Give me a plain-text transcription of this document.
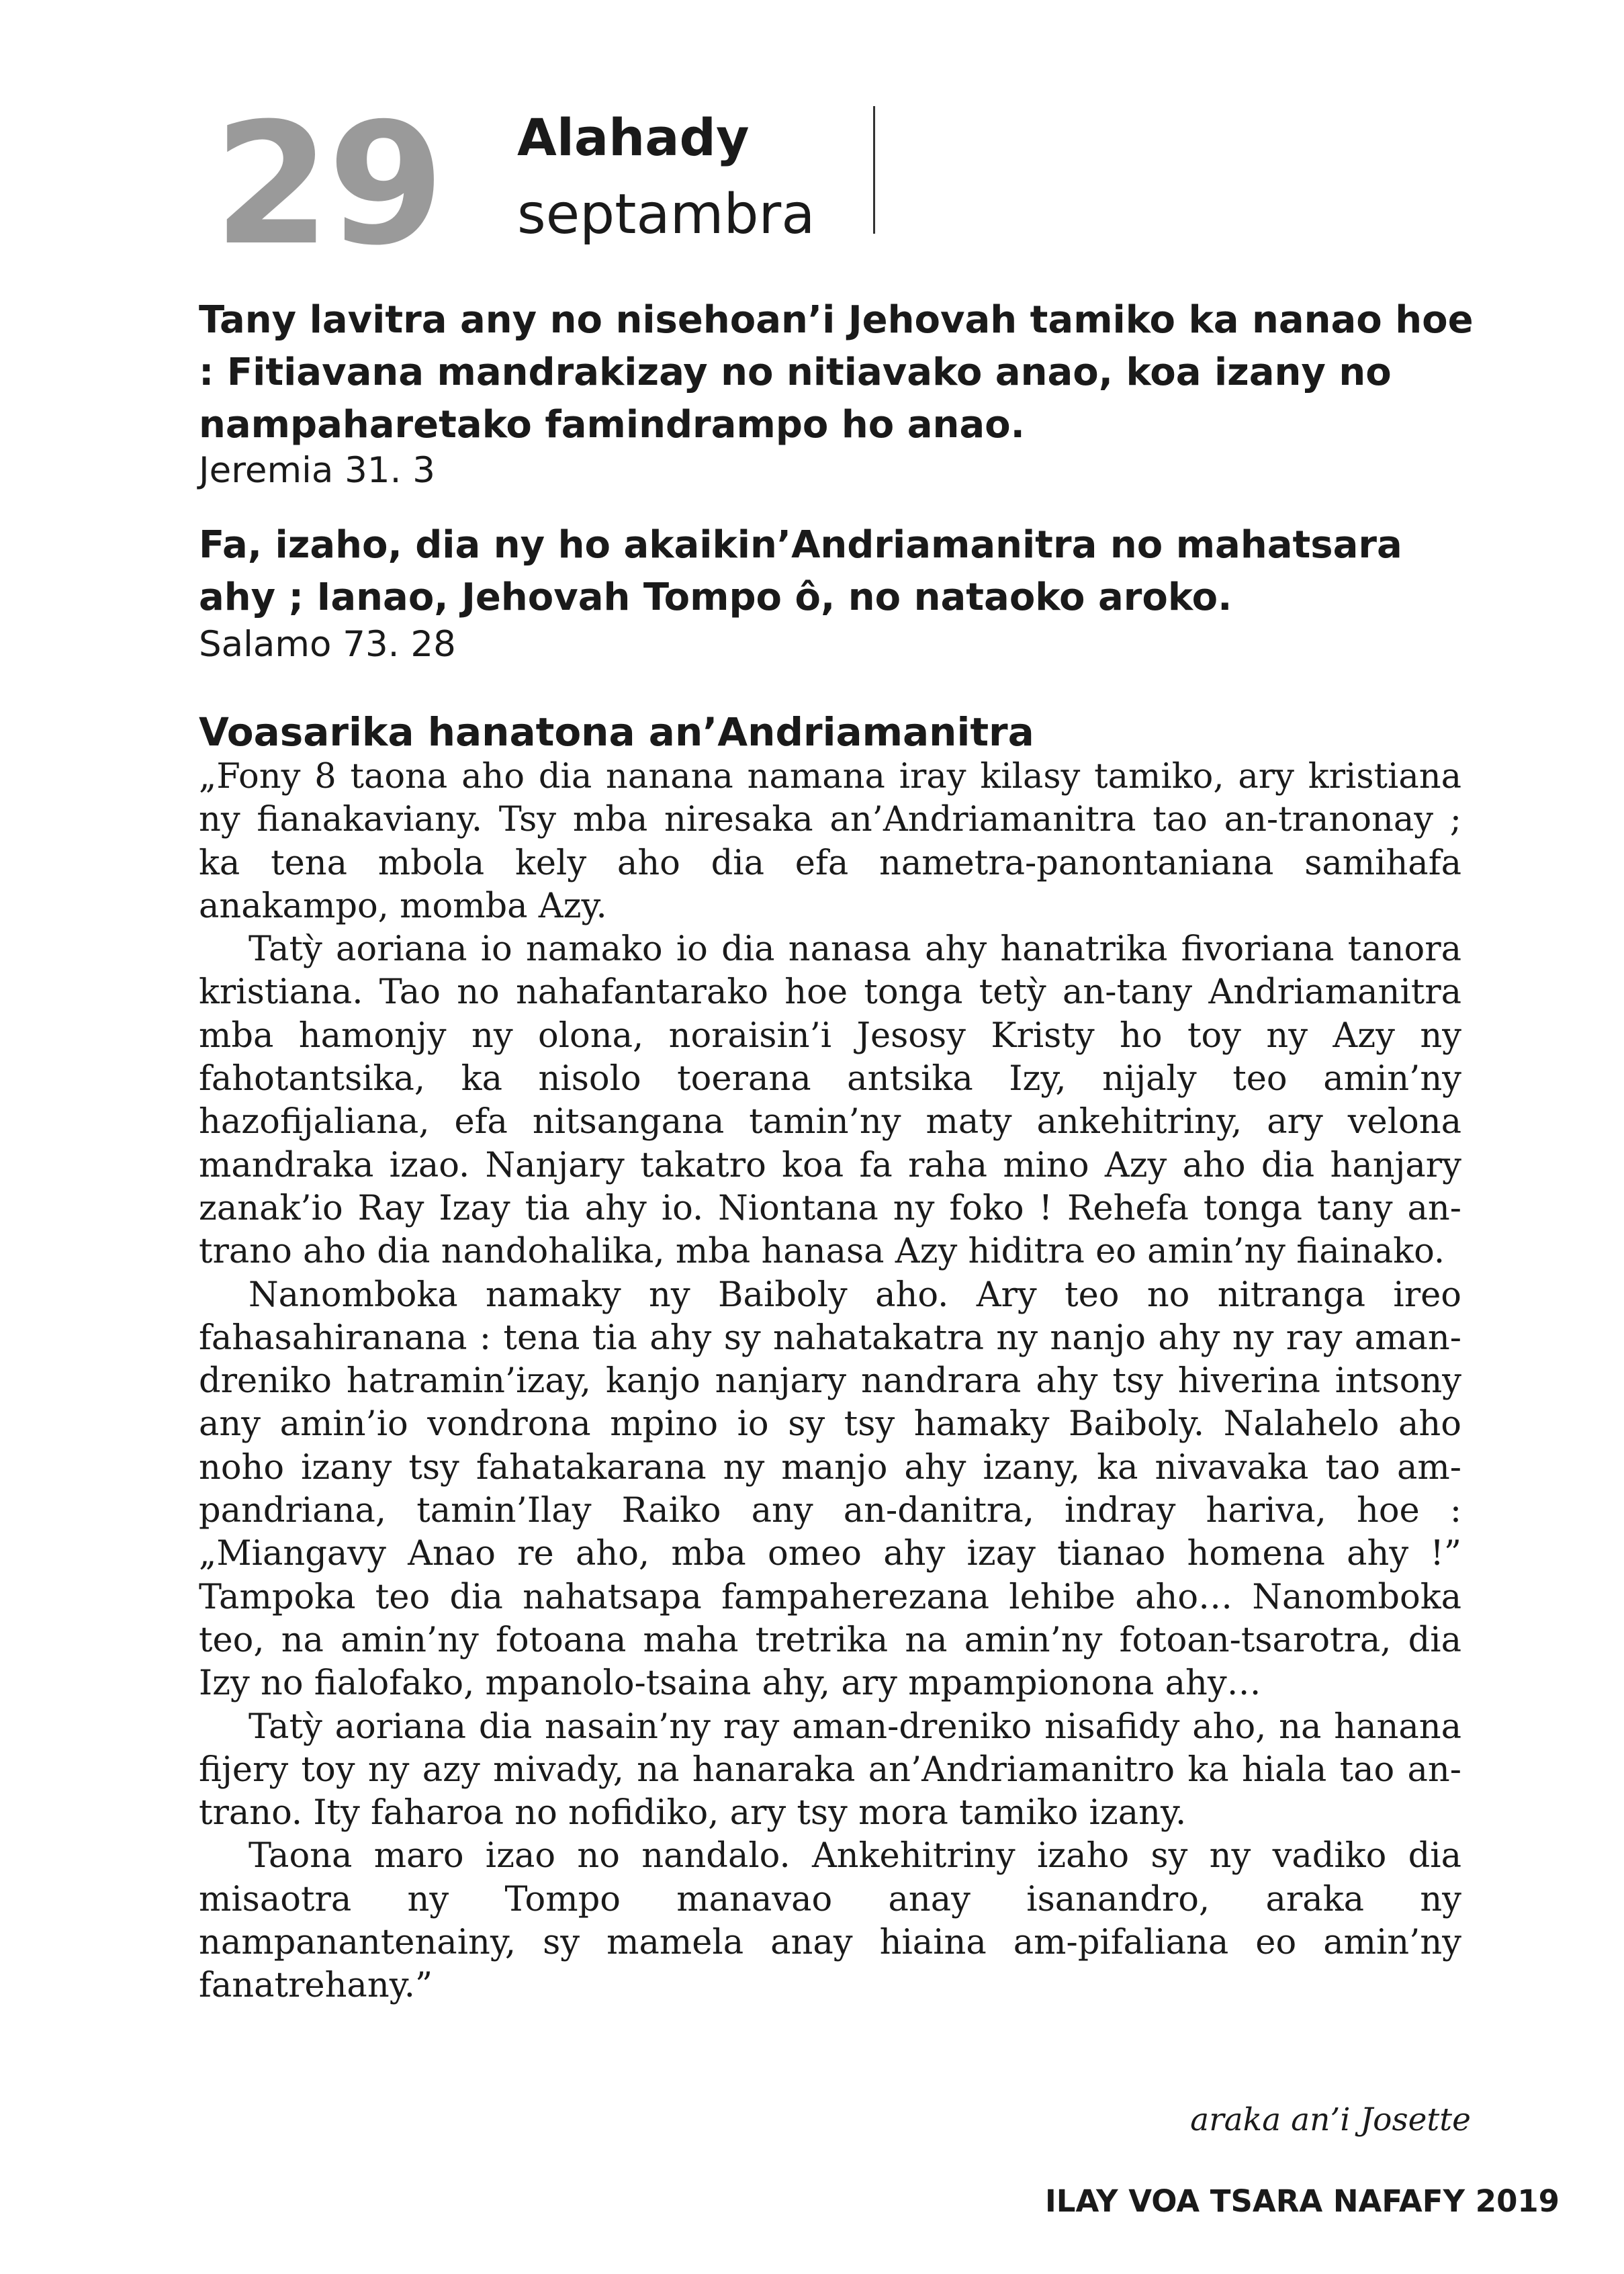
29 Alahady
septambra
Tany lavitra any no nisehoan’i Jehovah tamiko ka nanao hoe : Fitiavana mandrakizay no nitiavako anao, koa izany no nampaharetako famindrampo ho anao.
Jeremia 31. 3
Fa, izaho, dia ny ho akaikin’Andriamanitra no mahatsara ahy ; Ianao, Jehovah Tompo ô, no nataoko aroko.
Salamo 73. 28
Voasarika hanatona an’Andriamanitra

„Fony 8 taona aho dia nanana namana iray kilasy tamiko, ary kristiana ny fianakaviany. Tsy mba niresaka an’Andriamanitra tao an-tranonay ; ka tena mbola kely aho dia efa nametra-panontaniana samihafa anakampo, momba Azy.

Tatỳ aoriana io namako io dia nanasa ahy hanatrika fivoriana tanora kristiana. Tao no nahafantarako hoe tonga tetỳ an-tany Andriamanitra mba hamonjy ny olona, noraisin’i Jesosy Kristy ho toy ny Azy ny fahotantsika, ka nisolo toerana antsika Izy, nijaly teo amin’ny hazofijaliana, efa nitsangana tamin’ny maty ankehitriny, ary velona mandraka izao. Nanjary takatro koa fa raha mino Azy aho dia hanjary zanak’io Ray Izay tia ahy io. Niontana ny foko ! Rehefa tonga tany an-trano aho dia nandohalika, mba hanasa Azy hiditra eo amin’ny fiainako.

Nanomboka namaky ny Baiboly aho. Ary teo no nitranga ireo fahasahiranana : tena tia ahy sy nahatakatra ny nanjo ahy ny ray aman-dreniko hatramin’izay, kanjo nanjary nandrara ahy tsy hiverina intsony any amin’io vondrona mpino io sy tsy hamaky Baiboly. Nalahelo aho noho izany tsy fahatakarana ny manjo ahy izany, ka nivavaka tao am-pandriana, tamin’Ilay Raiko any an-danitra, indray hariva, hoe : „Miangavy Anao re aho, mba omeo ahy izay tianao homena ahy !” Tampoka teo dia nahatsapa fampaherezana lehibe aho… Nanomboka teo, na amin’ny fotoana maha tretrika na amin’ny fotoan-tsarotra, dia Izy no fialofako, mpanolo-tsaina ahy, ary mpampionona ahy…

Tatỳ aoriana dia nasain’ny ray aman-dreniko nisafidy aho, na hanana fijery toy ny azy mivady, na hanaraka an’Andriamanitro ka hiala tao an-trano. Ity faharoa no nofidiko, ary tsy mora tamiko izany.

Taona maro izao no nandalo. Ankehitriny izaho sy ny vadiko dia misaotra ny Tompo manavao anay isanandro, araka ny nampanantenainy, sy mamela anay hiaina am-pifaliana eo amin’ny fanatrehany.”

araka an’i Josette
ILAY VOA TSARA NAFAFY 2019
